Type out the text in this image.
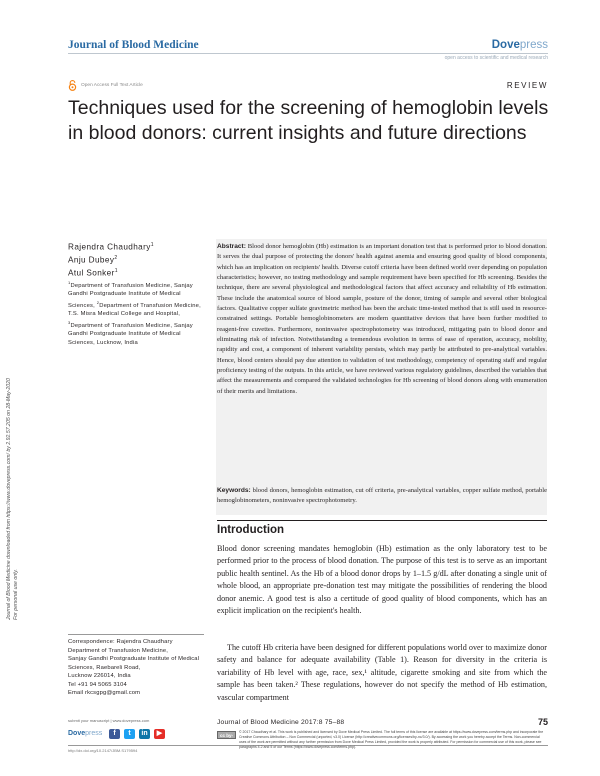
Journal of Blood Medicine	Dovepress
open access to scientific and medical research
Open Access Full Text Article	REVIEW
Techniques used for the screening of hemoglobin levels in blood donors: current insights and future directions
Journal of Blood Medicine downloaded from https://www.dovepress.com/ by 2.92.57.205 on 28-May-2020 For personal use only.
Rajendra Chaudhary$^1$
Anju Dubey$^2$
Atul Sonker$^1$
$^1$Department of Transfusion Medicine, Sanjay Gandhi Postgraduate Institute of Medical Sciences, $^2$Department of Transfusion Medicine, T.S. Misra Medical College and Hospital, $^3$Department of Transfusion Medicine, Sanjay Gandhi Postgraduate Institute of Medical Sciences, Lucknow, India
Correspondence: Rajendra Chaudhary
Department of Transfusion Medicine,
Sanjay Gandhi Postgraduate Institute of Medical Sciences, Raebareli Road,
Lucknow 226014, India
Tel +91 94 5065 3104
Email rkcsgpg@gmail.com

Abstract: Blood donor hemoglobin (Hb) estimation is an important donation test that is performed prior to blood donation. It serves the dual purpose of protecting the donors' health against anemia and ensuring good quality of blood components, which has an implication on recipients' health. Diverse cutoff criteria have been defined world over depending on population characteristics; however, no testing methodology and sample requirement have been specified for Hb screening. Besides the technique, there are several physiological and methodological factors that affect accuracy and reliability of Hb estimation. These include the anatomical source of blood sample, posture of the donor, timing of sample and several other biological factors. Qualitative copper sulfate gravimetric method has been the archaic time-tested method that is still used in resource-constrained settings. Portable hemoglobinometers are modern quantitative devices that have been further modified to reagent-free cuvettes. Furthermore, noninvasive spectrophotometry was introduced, mitigating pain to blood donor and eliminating risk of infection. Notwithstanding a tremendous evolution in terms of ease of operation, accuracy, mobility, rapidity and cost, a component of inherent variability persists, which may partly be attributed to pre-analytical variables. Hence, blood centers should pay due attention to validation of test methodology, competency of operating staff and regular proficiency testing of the outputs. In this article, we have reviewed various regulatory guidelines, described the variables that affect the measurements and compared the validated technologies for Hb screening of blood donors along with enumeration of their merits and limitations.

Keywords: blood donors, hemoglobin estimation, cut off criteria, pre-analytical variables, copper sulfate method, portable hemoglobinometers, noninvasive spectrophotometry.

Introduction

Blood donor screening mandates hemoglobin (Hb) estimation as the only laboratory test to be performed prior to the process of blood donation. The purpose of this test is to serve as an important public health sentinel. As the Hb of a blood donor drops by 1–1.5 g/dL after donating a single unit of whole blood, an appropriate pre-donation test may mitigate the possibilities of rendering the blood donor anemic. A good test is also a certitude of good quality of blood components, which has an explicit implication on the recipient's health.

The cutoff Hb criteria have been designed for different populations world over to maximize donor safety and balance for adequate availability (Table 1). Reason for diversity in the criteria is variability of Hb level with age, race, sex,¹ altitude, cigarette smoking and site from which the sample has been taken.² These regulations, however do not specify the method of Hb estimation, vascular compartment

submit your manuscript | www.dovepress.com
Dovepress	f	t	in	▶
http://dx.doi.org/10.2147/JBM.S179594
Journal of Blood Medicine 2017:8 75–88	75
cc by-nc
© 2017 Chaudhary et al. This work is published and licensed by Dove Medical Press Limited. The full terms of this license are available at https://www.dovepress.com/terms.php and incorporate the Creative Commons Attribution – Non Commercial (unported, v3.0) License (http://creativecommons.org/licenses/by-nc/3.0/). By accessing the work you hereby accept the Terms. Non-commercial uses of the work are permitted without any further permission from Dove Medical Press Limited, provided the work is properly attributed. For permission for commercial use of this work, please see paragraphs 4.2 and 5 of our Terms (https://www.dovepress.com/terms.php).
